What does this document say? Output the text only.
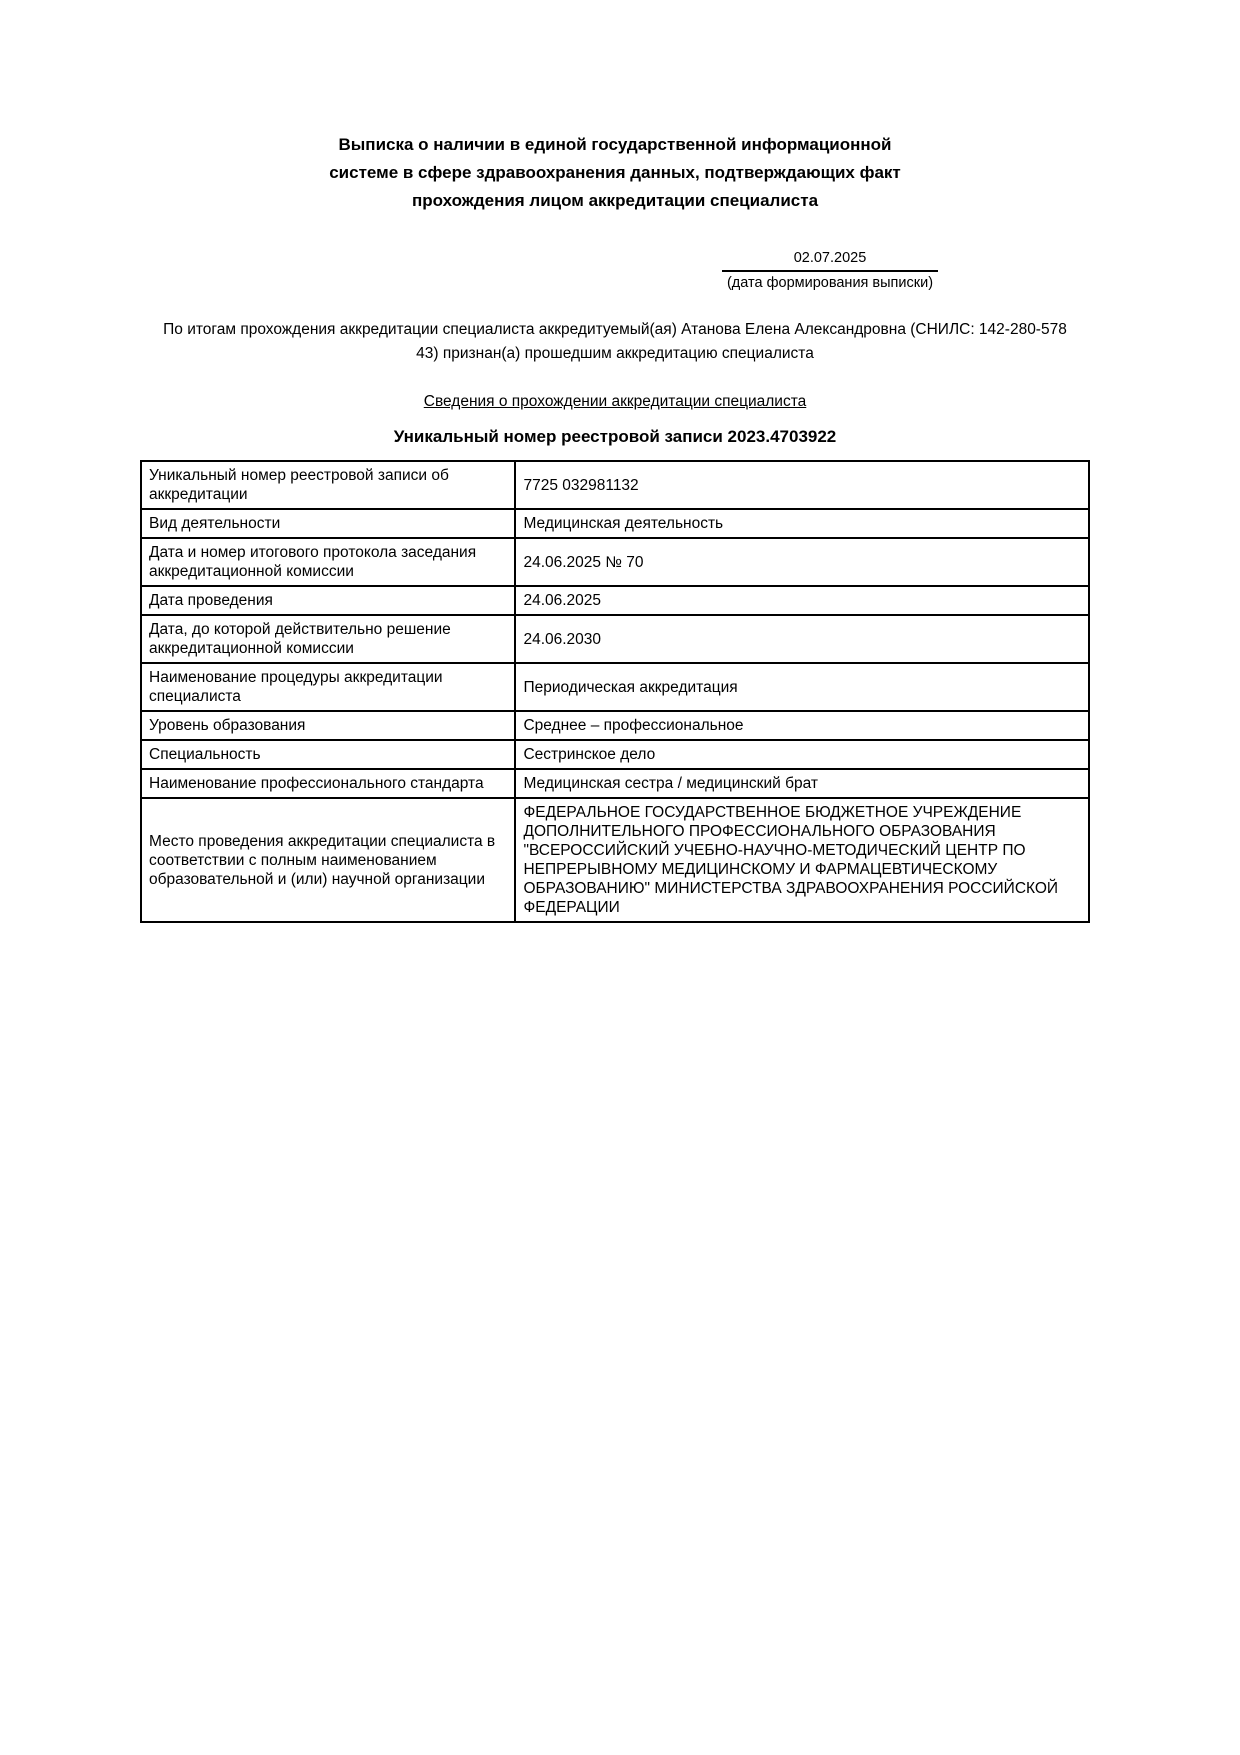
Выписка о наличии в единой государственной информационной
системе в сфере здравоохранения данных, подтверждающих факт
прохождения лицом аккредитации специалиста
02.07.2025
(дата формирования выписки)

По итогам прохождения аккредитации специалиста аккредитуемый(ая) Атанова Елена Александровна (СНИЛС: 142-280-578
43) признан(а) прошедшим аккредитацию специалиста

Сведения о прохождении аккредитации специалиста
Уникальный номер реестровой записи 2023.4703922
Уникальный номер реестровой записи об аккредитации	7725 032981132
Вид деятельности	Медицинская деятельность
Дата и номер итогового протокола заседания аккредитационной комиссии	24.06.2025 № 70
Дата проведения	24.06.2025
Дата, до которой действительно решение аккредитационной комиссии	24.06.2030
Наименование процедуры аккредитации специалиста	Периодическая аккредитация
Уровень образования	Среднее – профессиональное
Специальность	Сестринское дело
Наименование профессионального стандарта	Медицинская сестра / медицинский брат
Место проведения аккредитации специалиста в соответствии с полным наименованием образовательной и (или) научной организации	ФЕДЕРАЛЬНОЕ ГОСУДАРСТВЕННОЕ БЮДЖЕТНОЕ УЧРЕЖДЕНИЕ ДОПОЛНИТЕЛЬНОГО ПРОФЕССИОНАЛЬНОГО ОБРАЗОВАНИЯ "ВСЕРОССИЙСКИЙ УЧЕБНО-НАУЧНО-МЕТОДИЧЕСКИЙ ЦЕНТР ПО НЕПРЕРЫВНОМУ МЕДИЦИНСКОМУ И ФАРМАЦЕВТИЧЕСКОМУ ОБРАЗОВАНИЮ" МИНИСТЕРСТВА ЗДРАВООХРАНЕНИЯ РОССИЙСКОЙ ФЕДЕРАЦИИ
